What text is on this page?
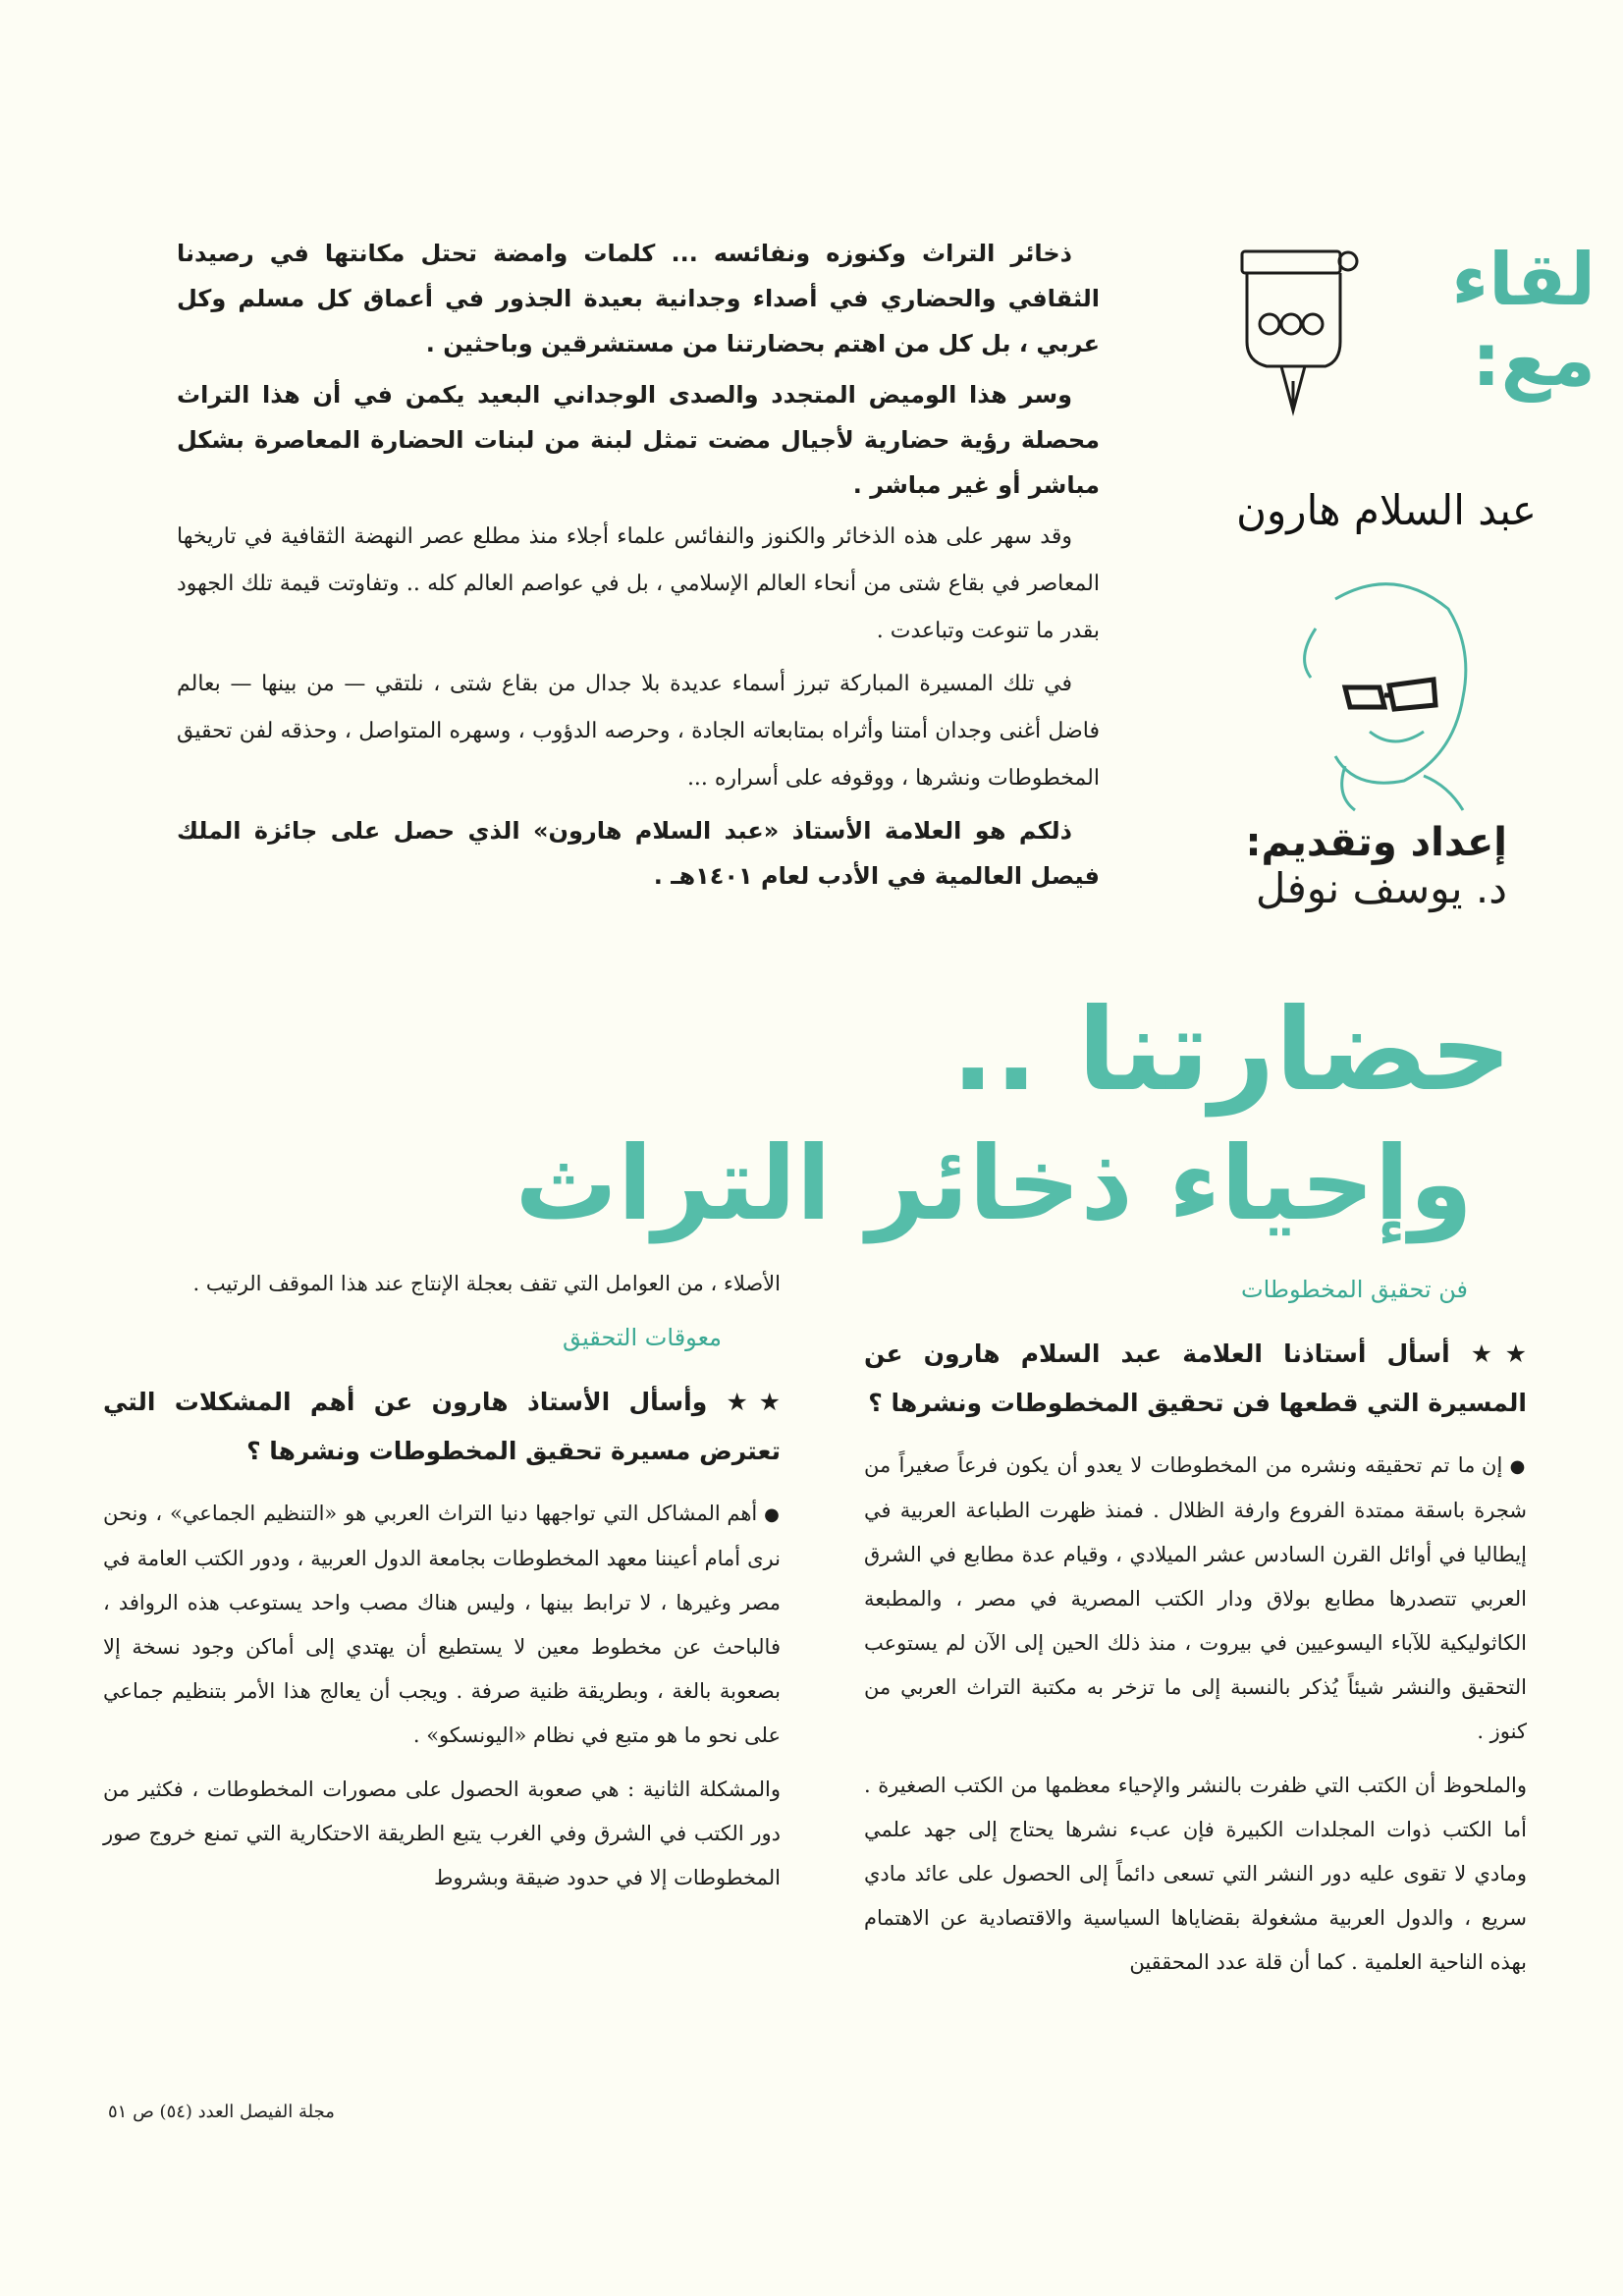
لقاء
مع:
عبد السلام هارون
إعداد وتقديم:
د. يوسف نوفل

ذخائر التراث وكنوزه ونفائسه ... كلمات وامضة تحتل مكانتها في رصيدنا الثقافي والحضاري في أصداء وجدانية بعيدة الجذور في أعماق كل مسلم وكل عربي ، بل كل من اهتم بحضارتنا من مستشرقين وباحثين .

وسر هذا الوميض المتجدد والصدى الوجداني البعيد يكمن في أن هذا التراث محصلة رؤية حضارية لأجيال مضت تمثل لبنة من لبنات الحضارة المعاصرة بشكل مباشر أو غير مباشر .

وقد سهر على هذه الذخائر والكنوز والنفائس علماء أجلاء منذ مطلع عصر النهضة الثقافية في تاريخها المعاصر في بقاع شتى من أنحاء العالم الإسلامي ، بل في عواصم العالم كله .. وتفاوتت قيمة تلك الجهود بقدر ما تنوعت وتباعدت .

في تلك المسيرة المباركة تبرز أسماء عديدة بلا جدال من بقاع شتى ، نلتقي — من بينها — بعالم فاضل أغنى وجدان أمتنا وأثراه بمتابعاته الجادة ، وحرصه الدؤوب ، وسهره المتواصل ، وحذقه لفن تحقيق المخطوطات ونشرها ، ووقوفه على أسراره ...

ذلكم هو العلامة الأستاذ «عبد السلام هارون» الذي حصل على جائزة الملك فيصل العالمية في الأدب لعام ١٤٠١هـ .

حضارتنا ..
وإحياء ذخائر التراث
فن تحقيق المخطوطات

★★ أسأل أستاذنا العلامة عبد السلام هارون عن المسيرة التي قطعها فن تحقيق المخطوطات ونشرها ؟

● إن ما تم تحقيقه ونشره من المخطوطات لا يعدو أن يكون فرعاً صغيراً من شجرة باسقة ممتدة الفروع وارفة الظلال . فمنذ ظهرت الطباعة العربية في إيطاليا في أوائل القرن السادس عشر الميلادي ، وقيام عدة مطابع في الشرق العربي تتصدرها مطابع بولاق ودار الكتب المصرية في مصر ، والمطبعة الكاثوليكية للآباء اليسوعيين في بيروت ، منذ ذلك الحين إلى الآن لم يستوعب التحقيق والنشر شيئاً يُذكر بالنسبة إلى ما تزخر به مكتبة التراث العربي من كنوز .

والملحوظ أن الكتب التي ظفرت بالنشر والإحياء معظمها من الكتب الصغيرة . أما الكتب ذوات المجلدات الكبيرة فإن عبء نشرها يحتاج إلى جهد علمي ومادي لا تقوى عليه دور النشر التي تسعى دائماً إلى الحصول على عائد مادي سريع ، والدول العربية مشغولة بقضاياها السياسية والاقتصادية عن الاهتمام بهذه الناحية العلمية . كما أن قلة عدد المحققين

الأصلاء ، من العوامل التي تقف بعجلة الإنتاج عند هذا الموقف الرتيب .

معوقات التحقيق

★★ وأسأل الأستاذ هارون عن أهم المشكلات التي تعترض مسيرة تحقيق المخطوطات ونشرها ؟

● أهم المشاكل التي تواجهها دنيا التراث العربي هو «التنظيم الجماعي» ، ونحن نرى أمام أعيننا معهد المخطوطات بجامعة الدول العربية ، ودور الكتب العامة في مصر وغيرها ، لا ترابط بينها ، وليس هناك مصب واحد يستوعب هذه الروافد ، فالباحث عن مخطوط معين لا يستطيع أن يهتدي إلى أماكن وجود نسخة إلا بصعوبة بالغة ، وبطريقة ظنية صرفة . ويجب أن يعالج هذا الأمر بتنظيم جماعي على نحو ما هو متبع في نظام «اليونسكو» .

والمشكلة الثانية : هي صعوبة الحصول على مصورات المخطوطات ، فكثير من دور الكتب في الشرق وفي الغرب يتبع الطريقة الاحتكارية التي تمنع خروج صور المخطوطات إلا في حدود ضيقة وبشروط

مجلة الفيصل العدد (٥٤) ص ٥١
